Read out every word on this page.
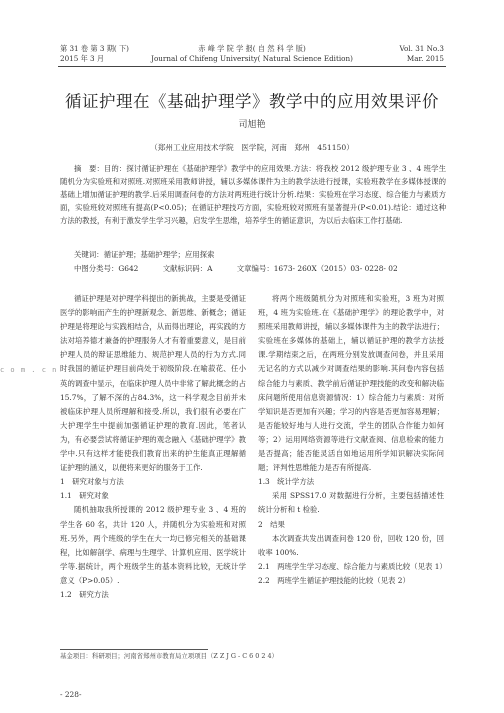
第 31 卷 第 3 期( 下)
2015 年 3 月
赤 峰 学 院 学 报( 自 然 科 学 版)
Journal of Chifeng University( Natural Science Edition)
Vol. 31 No.3
Mar. 2015
循证护理在《基础护理学》教学中的应用效果评价
司旭艳
（郑州工业应用技术学院　医学院，河南　郑州　451150）
摘　要：目的：探讨循证护理在《基础护理学》教学中的应用效果.方法：将我校 2012 级护理专业 3 、4 班学生随机分为实验班和对照班.对照班采用教师讲授，辅以多媒体课件为主的教学法进行授课，实验班教学在多媒体授课的基础上增加循证护理的教学.后采用调查问卷的方法对两班进行统计分析.结果：实验班在学习态度、综合能力与素质方面，实验班较对照班有提高(P<0.05)；在循证护理技巧方面，实验班较对照班有显著提升(P<0.01).结论：通过这种方法的教授，有利于激发学生学习兴趣，启发学生思维，培养学生的循证意识，为以后去临床工作打基础.
关键词：循证护理；基础护理学；应用探索
中图分类号：G642	文献标识码：A	文章编号：1673- 260X（2015）03- 0228- 02

循证护理是对护理学科提出的新挑战，主要是受循证医学的影响而产生的护理新观念、新思维、新概念；循证护理是将理论与实践相结合，从而得出理论，再实践的方法对培养德才兼备的护理服务人才有着重要意义，是目前护理人员的辩证思维能力、规范护理人员的行为方式.同时我国的循证护理目前尚处于初级阶段.在喻菽花、任小英的调查中显示，在临床护理人员中非常了解此概念的占15.7%，了解不深的占84.3%，这一科学观念目前并未被临床护理人员所理解和接受.所以，我们很有必要在广大护理学生中提前加强循证护理的教育.因此，笔者认为，有必要尝试将循证护理的观念融入《基础护理学》教学中.只有这样才能使我们教育出来的护生能真正理解循证护理的涵义，以便将来更好的服务于工作.

1　研究对象与方法

1.1　研究对象

随机抽取我所授课的 2012 级护理专业 3 、4 班的学生各 60 名，共计 120 人，并随机分为实验班和对照班.另外，两个班级的学生在大一均已修完相关的基础课程，比如解剖学、病理与生理学、计算机应用、医学统计学等.据统计，两个班级学生的基本资料比较，无统计学意义（P>0.05）.

1.2　研究方法

将两个班级随机分为对照班和实验班，3 班为对照班，4 班为实验班.在《基础护理学》的理论教学中，对照班采用教师讲授，辅以多媒体课件为主的教学法进行；实验班在多媒体的基础上，辅以循证护理的教学方法授课.学期结束之后，在两班分别发放调查问卷，并且采用无记名的方式以减少对调查结果的影响.其问卷内容包括综合能力与素质、教学前后循证护理技能的改变和解决临床问题所使用信息资源情况：1）综合能力与素质：对所学知识是否更加有兴趣；学习的内容是否更加容易理解；是否能较好地与人进行交流，学生的团队合作能力如何等；2）运用网络资源等进行文献查阅、信息检索的能力是否提高；能否能灵活自如地运用所学知识解决实际问题；评判性思维能力是否有所提高.

1.3　统计学方法

采用 SPSS17.0 对数据进行分析，主要包括描述性统计分析和 t 检验.

2　结果

本次调查共发出调查问卷 120 份，回收 120 份，回收率 100%.

2.1　两班学生学习态度、综合能力与素质比较（见表 1）

2.2　两班学生循证护理技能的比较（见表 2）

c o m . c n
基金项目：科研项目；河南省郑州市教育局立项项目（Z Z J G - C 6 0 2 4）
- 228-
